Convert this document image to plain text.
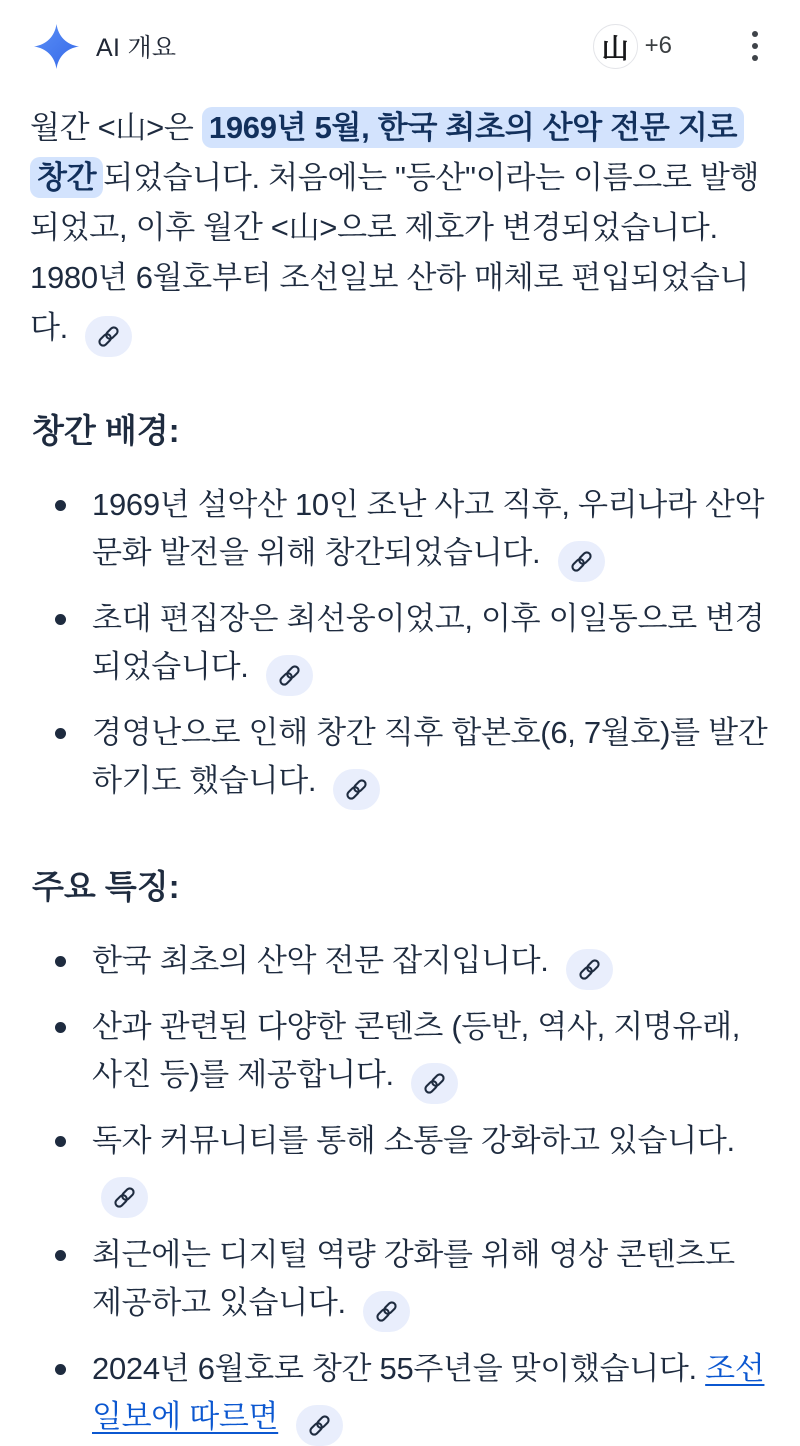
AI 개요	山 +6

월간 <山>은 1969년 5월, 한국 최초의 산악 전문 지로 창간 되었습니다. 처음에는 "등산"이라는 이름으로 발행되었고, 이후 월간 <山>으로 제호가 변경되었습니다. 1980년 6월호부터 조선일보 산하 매체로 편입되었습니다.

창간 배경:
1969년 설악산 10인 조난 사고 직후, 우리나라 산악 문화 발전을 위해 창간되었습니다.
초대 편집장은 최선웅이었고, 이후 이일동으로 변경되었습니다.
경영난으로 인해 창간 직후 합본호(6, 7월호)를 발간하기도 했습니다.
주요 특징:
한국 최초의 산악 전문 잡지입니다.
산과 관련된 다양한 콘텐츠 (등반, 역사, 지명유래, 사진 등)를 제공합니다.
독자 커뮤니티를 통해 소통을 강화하고 있습니다.
최근에는 디지털 역량 강화를 위해 영상 콘텐츠도 제공하고 있습니다.
2024년 6월호로 창간 55주년을 맞이했습니다. 조선일보에 따르면
